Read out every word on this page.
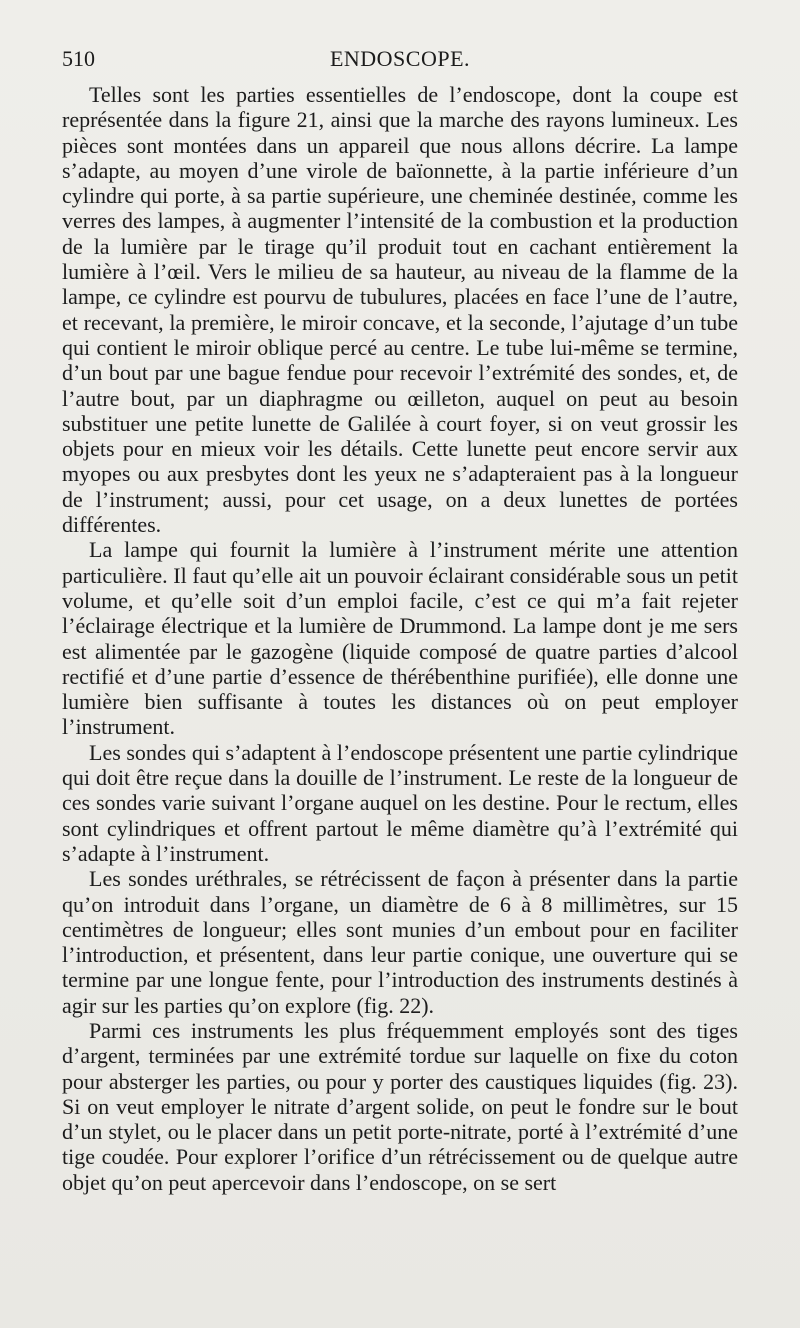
510	ENDOSCOPE.

Telles sont les parties essentielles de l’endoscope, dont la coupe est représentée dans la figure 21, ainsi que la marche des rayons lumineux. Les pièces sont montées dans un appareil que nous allons décrire. La lampe s’adapte, au moyen d’une virole de baïonnette, à la partie inférieure d’un cylindre qui porte, à sa partie supérieure, une cheminée destinée, comme les verres des lampes, à augmenter l’intensité de la combustion et la production de la lumière par le tirage qu’il produit tout en cachant entièrement la lumière à l’œil. Vers le milieu de sa hauteur, au niveau de la flamme de la lampe, ce cylindre est pourvu de tubulures, placées en face l’une de l’autre, et recevant, la première, le miroir concave, et la seconde, l’ajutage d’un tube qui contient le miroir oblique percé au centre. Le tube lui-même se termine, d’un bout par une bague fendue pour recevoir l’extrémité des sondes, et, de l’autre bout, par un diaphragme ou œilleton, auquel on peut au besoin substituer une petite lunette de Galilée à court foyer, si on veut grossir les objets pour en mieux voir les détails. Cette lunette peut encore servir aux myopes ou aux presbytes dont les yeux ne s’adapteraient pas à la longueur de l’instrument; aussi, pour cet usage, on a deux lunettes de portées différentes.

La lampe qui fournit la lumière à l’instrument mérite une attention particulière. Il faut qu’elle ait un pouvoir éclairant considérable sous un petit volume, et qu’elle soit d’un emploi facile, c’est ce qui m’a fait rejeter l’éclairage électrique et la lumière de Drummond. La lampe dont je me sers est alimentée par le gazogène (liquide composé de quatre parties d’alcool rectifié et d’une partie d’essence de thérébenthine purifiée), elle donne une lumière bien suffisante à toutes les distances où on peut employer l’instrument.

Les sondes qui s’adaptent à l’endoscope présentent une partie cylindrique qui doit être reçue dans la douille de l’instrument. Le reste de la longueur de ces sondes varie suivant l’organe auquel on les destine. Pour le rectum, elles sont cylindriques et offrent partout le même diamètre qu’à l’extrémité qui s’adapte à l’instrument.

Les sondes uréthrales, se rétrécissent de façon à présenter dans la partie qu’on introduit dans l’organe, un diamètre de 6 à 8 millimètres, sur 15 centimètres de longueur; elles sont munies d’un embout pour en faciliter l’introduction, et présentent, dans leur partie conique, une ouverture qui se termine par une longue fente, pour l’introduction des instruments destinés à agir sur les parties qu’on explore (fig. 22).

Parmi ces instruments les plus fréquemment employés sont des tiges d’argent, terminées par une extrémité tordue sur laquelle on fixe du coton pour absterger les parties, ou pour y porter des caustiques liquides (fig. 23). Si on veut employer le nitrate d’argent solide, on peut le fondre sur le bout d’un stylet, ou le placer dans un petit porte-nitrate, porté à l’extrémité d’une tige coudée. Pour explorer l’orifice d’un rétrécissement ou de quelque autre objet qu’on peut apercevoir dans l’endoscope, on se sert
